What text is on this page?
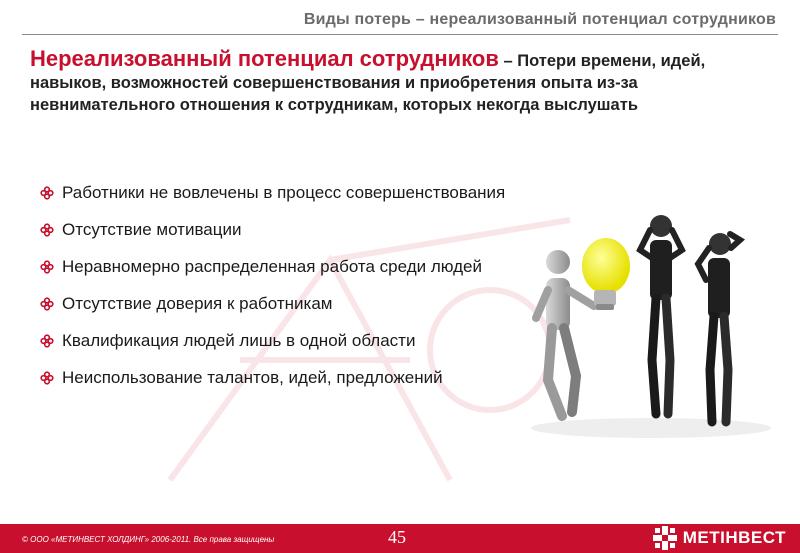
Виды потерь – нереализованный потенциал сотрудников
Нереализованный потенциал сотрудников – Потери времени, идей, навыков, возможностей совершенствования и приобретения опыта из-за невнимательного отношения к сотрудникам, которых некогда выслушать
Работники не вовлечены в процесс совершенствования
Отсутствие мотивации
Неравномерно распределенная работа среди людей
Отсутствие доверия к работникам
Квалификация людей лишь в одной области
Неиспользование талантов, идей, предложений
© ООО «МЕТИНВЕСТ ХОЛДИНГ» 2006-2011. Все права защищены	45	МЕТІНВЕСТ
